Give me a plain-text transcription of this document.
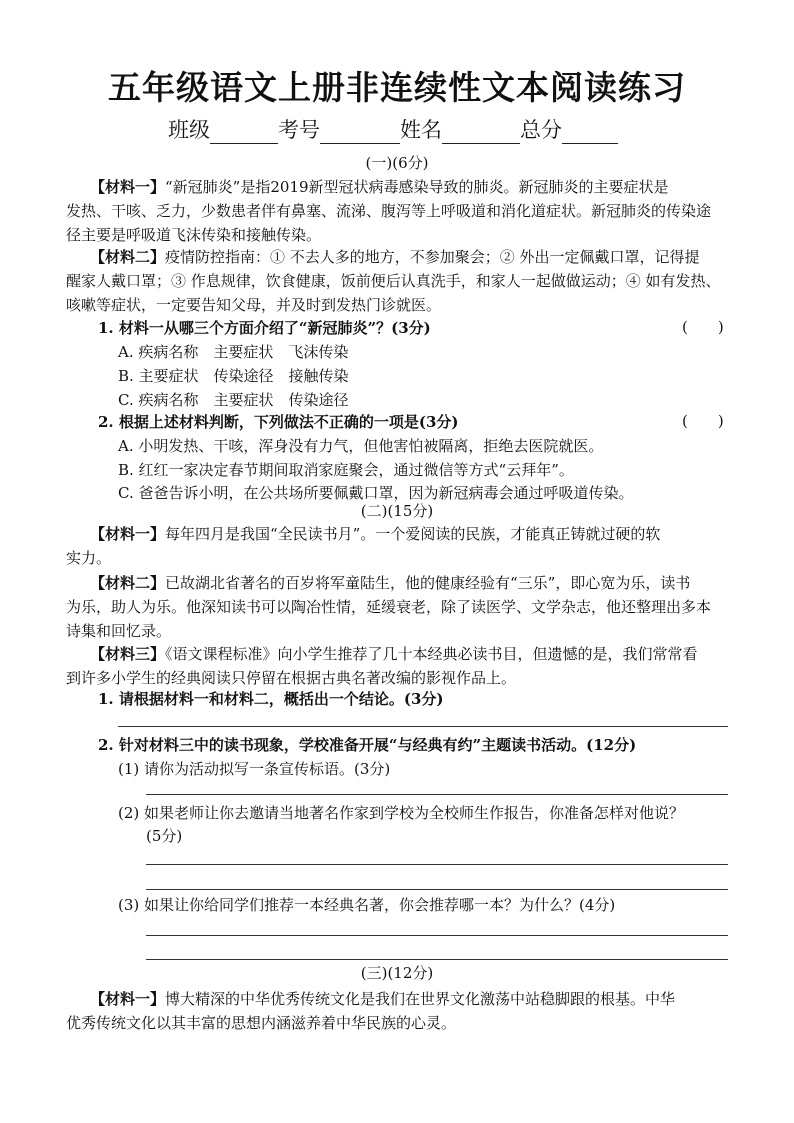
五年级语文上册非连续性文本阅读练习
班级	考号	姓名	总分
(一)(6分)
【材料一】“新冠肺炎”是指2019新型冠状病毒感染导致的肺炎。新冠肺炎的主要症状是
发热、干咳、乏力，少数患者伴有鼻塞、流涕、腹泻等上呼吸道和消化道症状。新冠肺炎的传染途
径主要是呼吸道飞沫传染和接触传染。
【材料二】疫情防控指南：① 不去人多的地方，不参加聚会；② 外出一定佩戴口罩，记得提
醒家人戴口罩；③ 作息规律，饮食健康，饭前便后认真洗手，和家人一起做做运动；④ 如有发热、
咳嗽等症状，一定要告知父母，并及时到发热门诊就医。
1. 材料一从哪三个方面介绍了“新冠肺炎”？(3分)	(　　)
A. 疾病名称　主要症状　飞沫传染
B. 主要症状　传染途径　接触传染
C. 疾病名称　主要症状　传染途径
2. 根据上述材料判断，下列做法不正确的一项是(3分)	(　　)
A. 小明发热、干咳，浑身没有力气，但他害怕被隔离，拒绝去医院就医。
B. 红红一家决定春节期间取消家庭聚会，通过微信等方式“云拜年”。
C. 爸爸告诉小明，在公共场所要佩戴口罩，因为新冠病毒会通过呼吸道传染。
(二)(15分)
【材料一】每年四月是我国“全民读书月”。一个爱阅读的民族，才能真正铸就过硬的软
实力。
【材料二】已故湖北省著名的百岁将军童陆生，他的健康经验有“三乐”，即心宽为乐，读书
为乐，助人为乐。他深知读书可以陶冶性情，延缓衰老，除了读医学、文学杂志，他还整理出多本
诗集和回忆录。
【材料三】《语文课程标准》向小学生推荐了几十本经典必读书目，但遗憾的是，我们常常看
到许多小学生的经典阅读只停留在根据古典名著改编的影视作品上。
1. 请根据材料一和材料二，概括出一个结论。(3分)
2. 针对材料三中的读书现象，学校准备开展“与经典有约”主题读书活动。(12分)
(1) 请你为活动拟写一条宣传标语。(3分)
(2) 如果老师让你去邀请当地著名作家到学校为全校师生作报告，你准备怎样对他说？
(5分)
(3) 如果让你给同学们推荐一本经典名著，你会推荐哪一本？为什么？(4分)
(三)(12分)
【材料一】博大精深的中华优秀传统文化是我们在世界文化激荡中站稳脚跟的根基。中华
优秀传统文化以其丰富的思想内涵滋养着中华民族的心灵。
